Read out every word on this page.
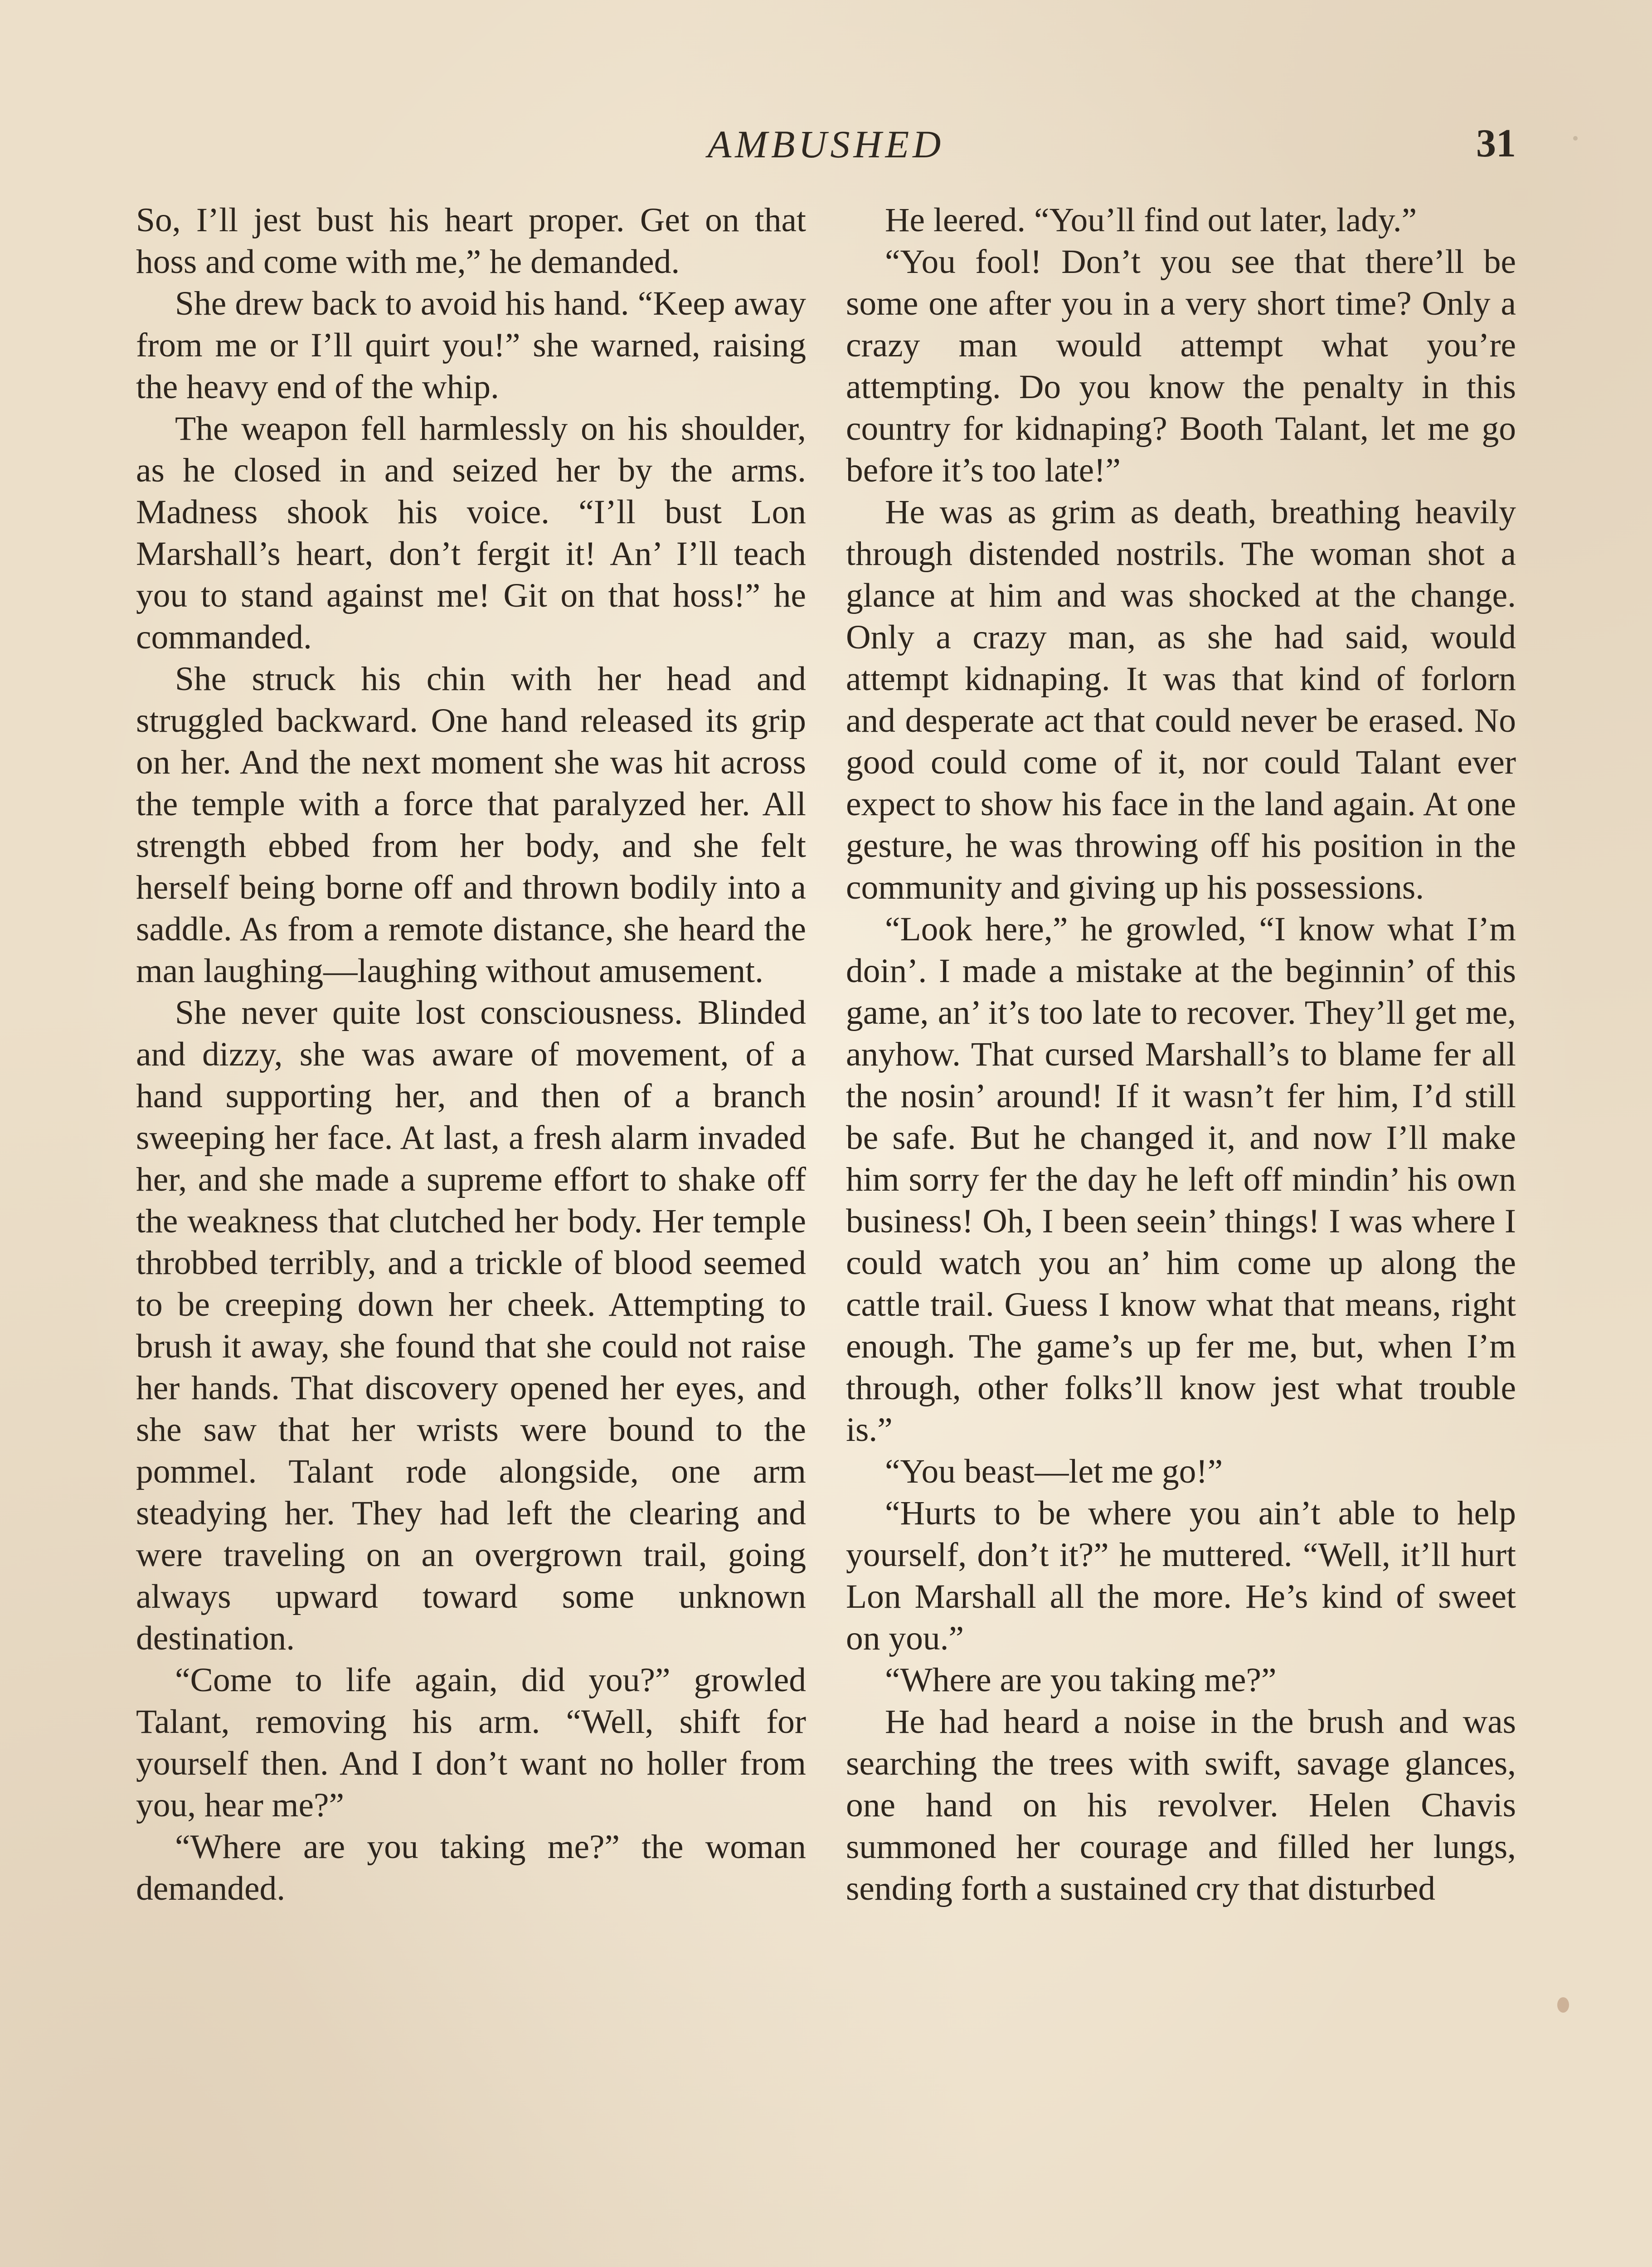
AMBUSHED	31

So, I’ll jest bust his heart proper. Get on that hoss and come with me,” he demanded.

She drew back to avoid his hand. “Keep away from me or I’ll quirt you!” she warned, raising the heavy end of the whip.

The weapon fell harmlessly on his shoulder, as he closed in and seized her by the arms. Madness shook his voice. “I’ll bust Lon Marshall’s heart, don’t fergit it! An’ I’ll teach you to stand against me! Git on that hoss!” he commanded.

She struck his chin with her head and struggled backward. One hand released its grip on her. And the next moment she was hit across the temple with a force that paralyzed her. All strength ebbed from her body, and she felt herself being borne off and thrown bodily into a saddle. As from a remote distance, she heard the man laughing—laughing without amusement.

She never quite lost consciousness. Blinded and dizzy, she was aware of movement, of a hand supporting her, and then of a branch sweeping her face. At last, a fresh alarm invaded her, and she made a supreme effort to shake off the weakness that clutched her body. Her temple throbbed terribly, and a trickle of blood seemed to be creeping down her cheek. Attempting to brush it away, she found that she could not raise her hands. That discovery opened her eyes, and she saw that her wrists were bound to the pommel. Talant rode alongside, one arm steadying her. They had left the clearing and were traveling on an overgrown trail, going always upward toward some unknown destination.

“Come to life again, did you?” growled Talant, removing his arm. “Well, shift for yourself then. And I don’t want no holler from you, hear me?”

“Where are you taking me?” the woman demanded.

He leered. “You’ll find out later, lady.”

“You fool! Don’t you see that there’ll be some one after you in a very short time? Only a crazy man would attempt what you’re attempting. Do you know the penalty in this country for kidnaping? Booth Talant, let me go before it’s too late!”

He was as grim as death, breathing heavily through distended nostrils. The woman shot a glance at him and was shocked at the change. Only a crazy man, as she had said, would attempt kidnaping. It was that kind of forlorn and desperate act that could never be erased. No good could come of it, nor could Talant ever expect to show his face in the land again. At one gesture, he was throwing off his position in the community and giving up his possessions.

“Look here,” he growled, “I know what I’m doin’. I made a mistake at the beginnin’ of this game, an’ it’s too late to recover. They’ll get me, anyhow. That cursed Marshall’s to blame fer all the nosin’ around! If it wasn’t fer him, I’d still be safe. But he changed it, and now I’ll make him sorry fer the day he left off mindin’ his own business! Oh, I been seein’ things! I was where I could watch you an’ him come up along the cattle trail. Guess I know what that means, right enough. The game’s up fer me, but, when I’m through, other folks’ll know jest what trouble is.”

“You beast—let me go!”

“Hurts to be where you ain’t able to help yourself, don’t it?” he muttered. “Well, it’ll hurt Lon Marshall all the more. He’s kind of sweet on you.”

“Where are you taking me?”

He had heard a noise in the brush and was searching the trees with swift, savage glances, one hand on his revolver. Helen Chavis summoned her courage and filled her lungs, sending forth a sustained cry that disturbed
